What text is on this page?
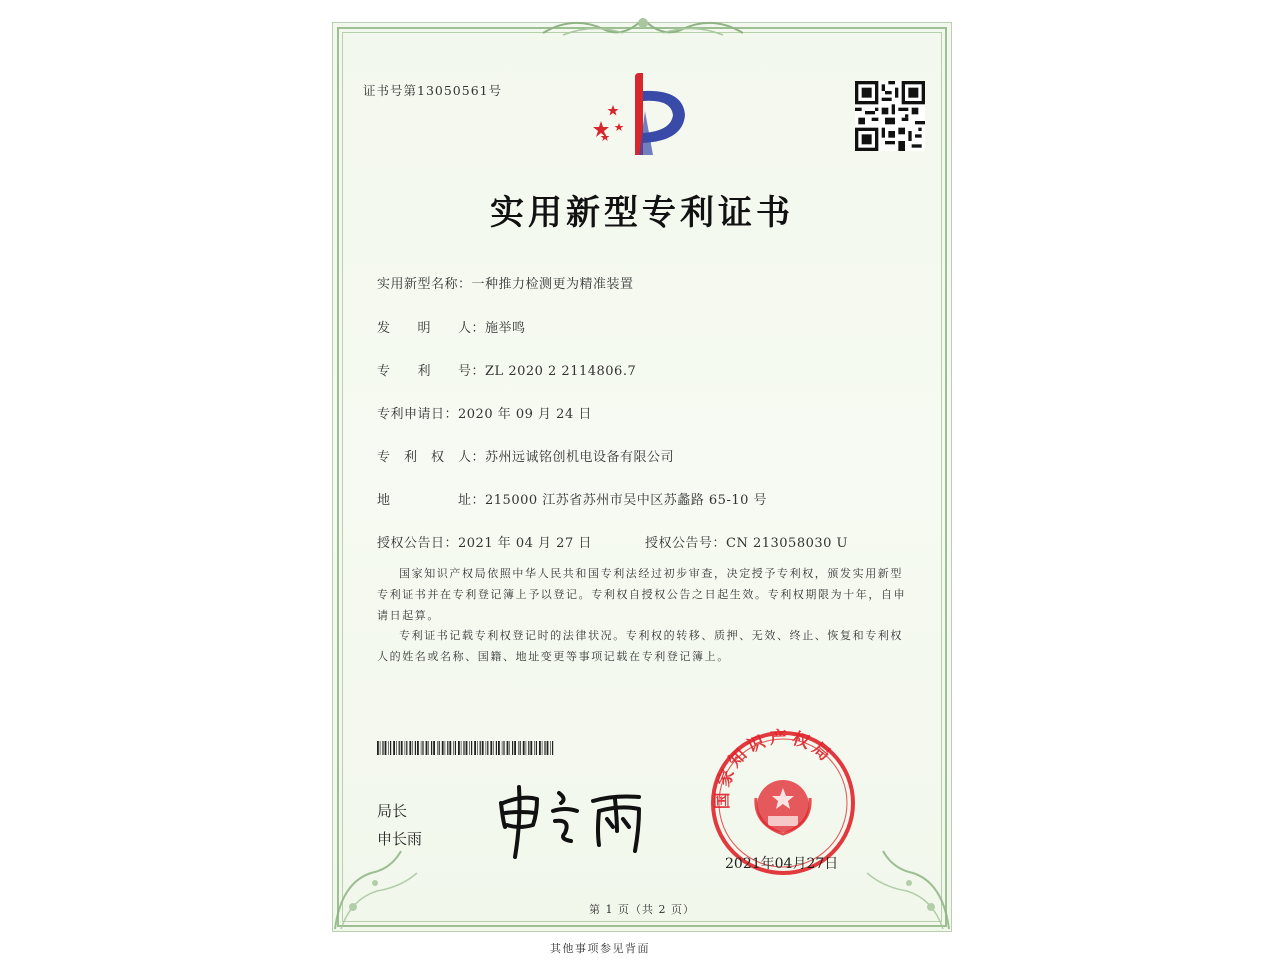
证书号第13050561号
实用新型专利证书
实用新型名称：一种推力检测更为精准装置
发　　明　　人：施举鸣
专　　利　　号：ZL 2020 2 2114806.7
专利申请日：2020 年 09 月 24 日
专　利　权　人：苏州远诚铭创机电设备有限公司
地　　　　　址：215000 江苏省苏州市吴中区苏蠡路 65-10 号
授权公告日：2021 年 04 月 27 日	授权公告号：CN 213058030 U
国家知识产权局依照中华人民共和国专利法经过初步审查，决定授予专利权，颁发实用新型专利证书并在专利登记簿上予以登记。专利权自授权公告之日起生效。专利权期限为十年，自申请日起算。
专利证书记载专利权登记时的法律状况。专利权的转移、质押、无效、终止、恢复和专利权人的姓名或名称、国籍、地址变更等事项记载在专利登记簿上。
局长
申长雨
国家知识产权局
2021年04月27日
第 1 页（共 2 页）
其他事项参见背面
